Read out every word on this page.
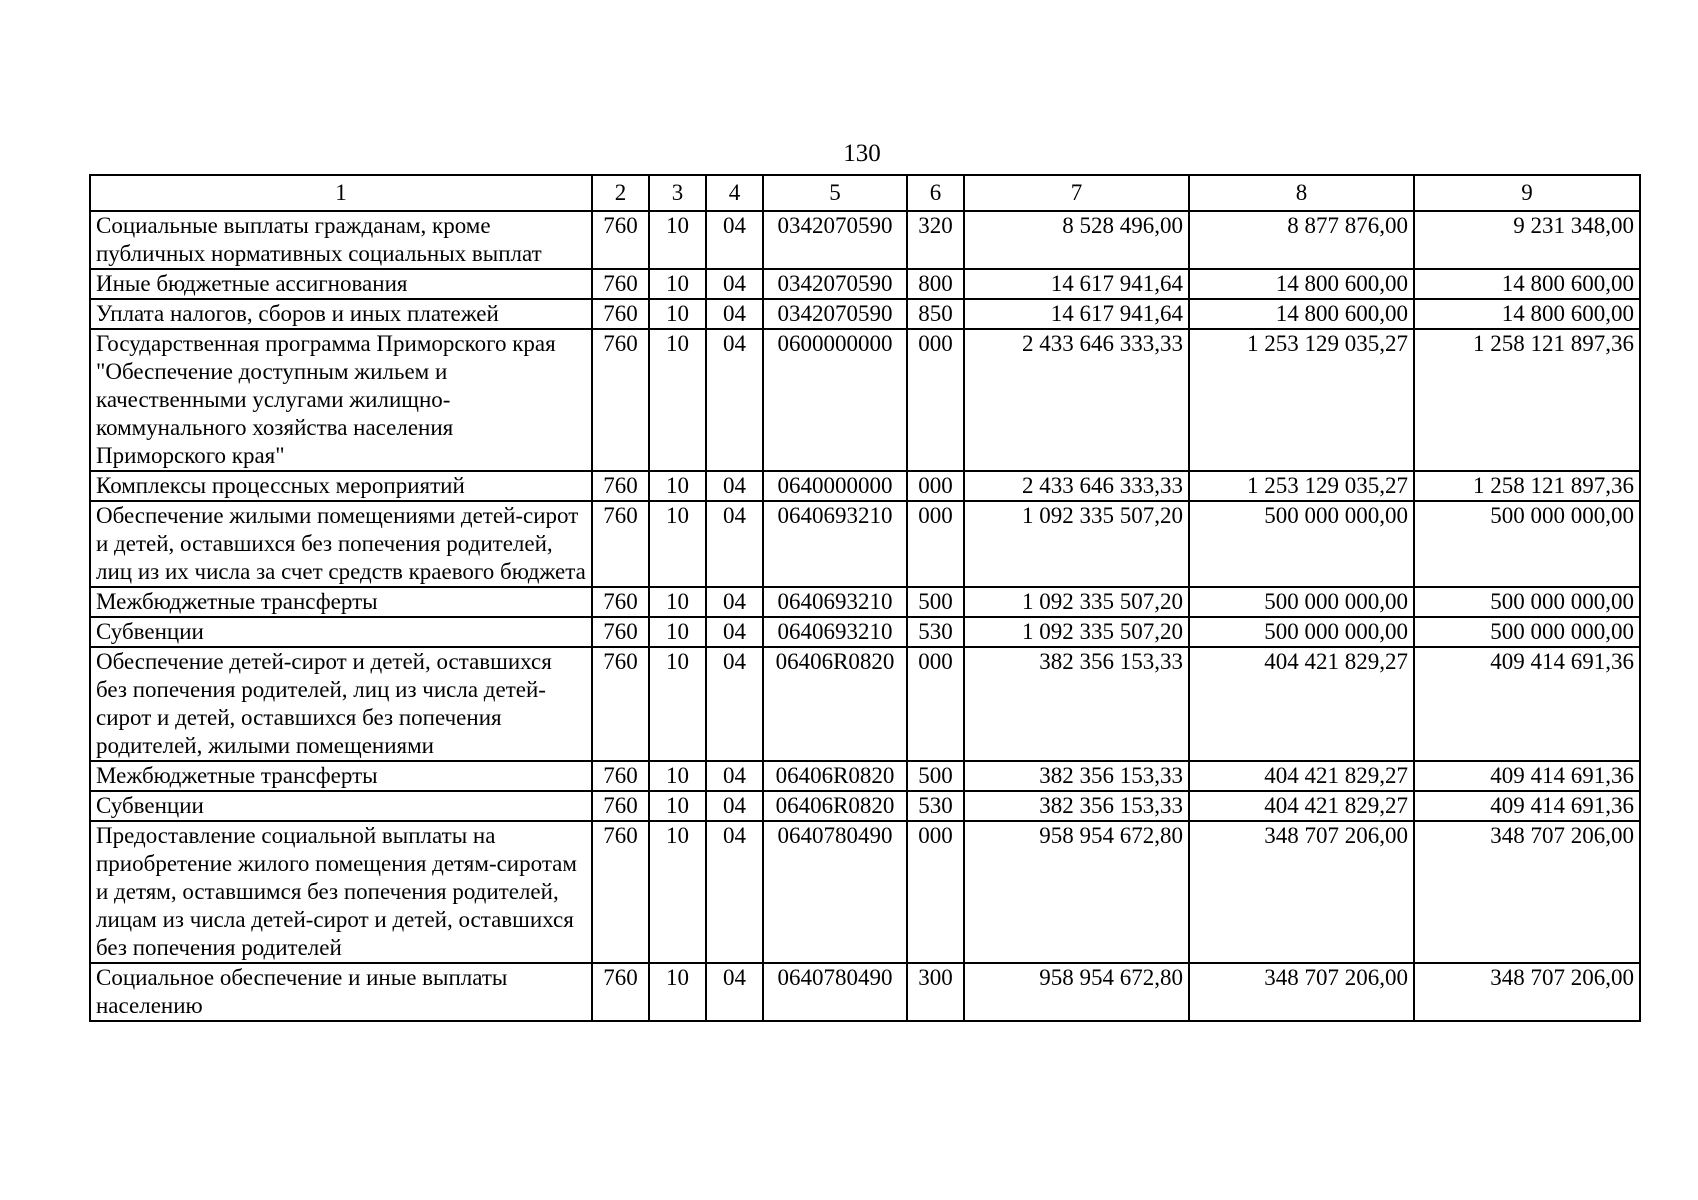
130
1	2	3	4	5	6	7	8	9
Социальные выплаты гражданам, кроме публичных нормативных социальных выплат	760	10	04	0342070590	320	8 528 496,00	8 877 876,00	9 231 348,00
Иные бюджетные ассигнования	760	10	04	0342070590	800	14 617 941,64	14 800 600,00	14 800 600,00
Уплата налогов, сборов и иных платежей	760	10	04	0342070590	850	14 617 941,64	14 800 600,00	14 800 600,00
Государственная программа Приморского края "Обеспечение доступным жильем и качественными услугами жилищно-коммунального хозяйства населения Приморского края"	760	10	04	0600000000	000	2 433 646 333,33	1 253 129 035,27	1 258 121 897,36
Комплексы процессных мероприятий	760	10	04	0640000000	000	2 433 646 333,33	1 253 129 035,27	1 258 121 897,36
Обеспечение жилыми помещениями детей-сирот и детей, оставшихся без попечения родителей, лиц из их числа за счет средств краевого бюджета	760	10	04	0640693210	000	1 092 335 507,20	500 000 000,00	500 000 000,00
Межбюджетные трансферты	760	10	04	0640693210	500	1 092 335 507,20	500 000 000,00	500 000 000,00
Субвенции	760	10	04	0640693210	530	1 092 335 507,20	500 000 000,00	500 000 000,00
Обеспечение детей-сирот и детей, оставшихся без попечения родителей, лиц из числа детей-сирот и детей, оставшихся без попечения родителей, жилыми помещениями	760	10	04	06406R0820	000	382 356 153,33	404 421 829,27	409 414 691,36
Межбюджетные трансферты	760	10	04	06406R0820	500	382 356 153,33	404 421 829,27	409 414 691,36
Субвенции	760	10	04	06406R0820	530	382 356 153,33	404 421 829,27	409 414 691,36
Предоставление социальной выплаты на приобретение жилого помещения детям-сиротам и детям, оставшимся без попечения родителей, лицам из числа детей-сирот и детей, оставшихся без попечения родителей	760	10	04	0640780490	000	958 954 672,80	348 707 206,00	348 707 206,00
Социальное обеспечение и иные выплаты населению	760	10	04	0640780490	300	958 954 672,80	348 707 206,00	348 707 206,00
